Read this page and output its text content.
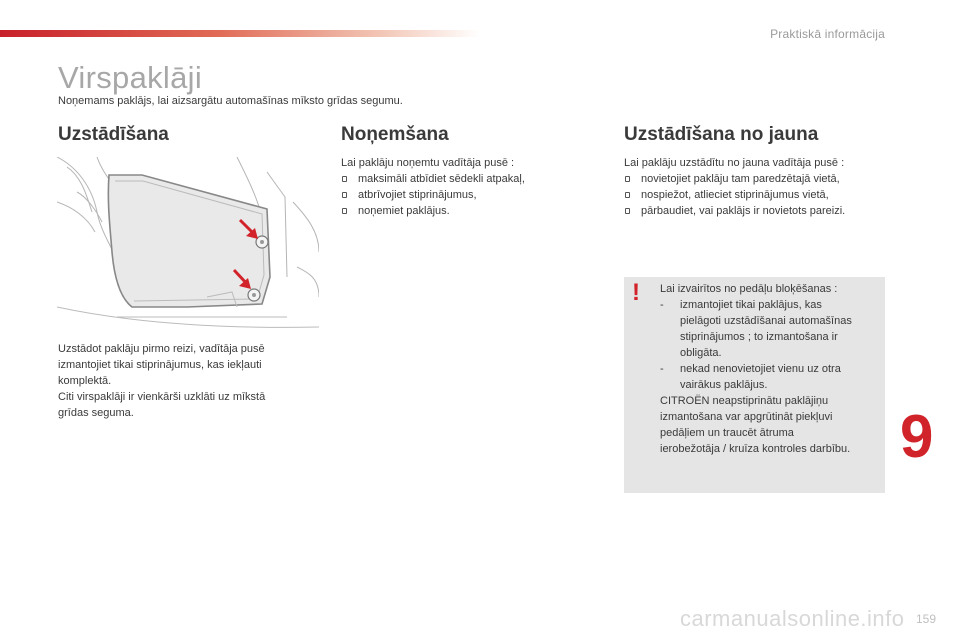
Praktiskā informācija
Virspaklāji
Noņemams paklājs, lai aizsargātu automašīnas mīksto grīdas segumu.
Uzstādīšana
Uzstādot paklāju pirmo reizi, vadītāja pusē
izmantojiet tikai stiprinājumus, kas iekļauti
komplektā.
Citi virspaklāji ir vienkārši uzklāti uz mīkstā
grīdas seguma.
Noņemšana
Lai paklāju noņemtu vadītāja pusē :
maksimāli atbīdiet sēdekli atpakaļ,
atbrīvojiet stiprinājumus,
noņemiet paklājus.
Uzstādīšana no jauna
Lai paklāju uzstādītu no jauna vadītāja pusē :
novietojiet paklāju tam paredzētajā vietā,
nospiežot, atlieciet stiprinājumus vietā,
pārbaudiet, vai paklājs ir novietots pareizi.
! Lai izvairītos no pedāļu bloķēšanas :
- izmantojiet tikai paklājus, kas
pielāgoti uzstādīšanai automašīnas
stiprinājumos ; to izmantošana ir
obligāta.
- nekad nenovietojiet vienu uz otra
vairākus paklājus.
CITROËN neapstiprinātu paklājiņu
izmantošana var apgrūtināt piekļuvi
pedāļiem un traucēt ātruma
ierobežotāja / kruīza kontroles darbību. 9
carmanualsonline.info 159
